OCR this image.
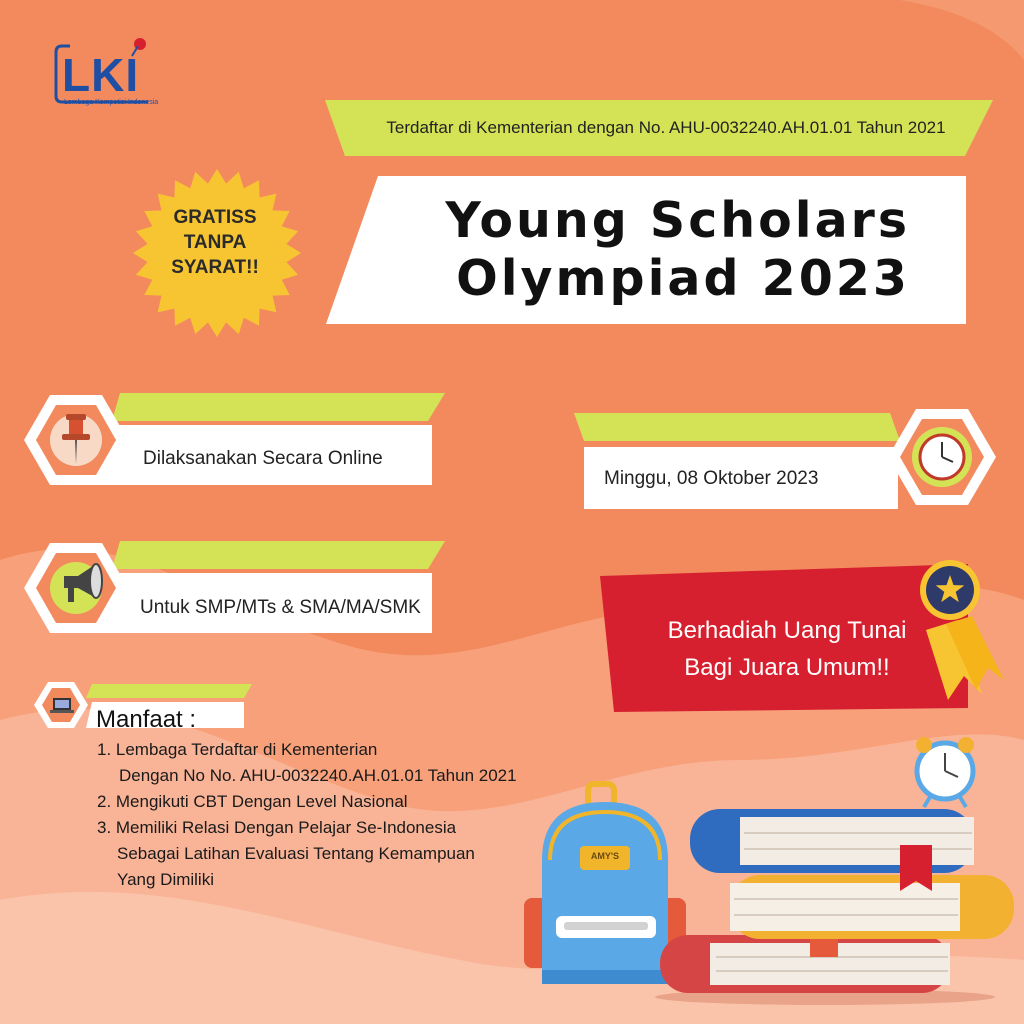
LKI
Lembaga Kompetisi Indonesia
Terdaftar di Kementerian dengan No. AHU-0032240.AH.01.01 Tahun 2021
Young Scholars
Olympiad 2023
GRATISS
TANPA
SYARAT!!
Dilaksanakan Secara Online
Untuk SMP/MTs & SMA/MA/SMK
Minggu, 08 Oktober 2023
Berhadiah Uang Tunai
Bagi Juara Umum!!
Manfaat :
1. Lembaga Terdaftar di Kementerian
Dengan No No. AHU-0032240.AH.01.01 Tahun 2021
2. Mengikuti CBT Dengan Level Nasional
3. Memiliki Relasi Dengan Pelajar Se-Indonesia
Sebagai Latihan Evaluasi Tentang Kemampuan
Yang Dimiliki
AMY'S
